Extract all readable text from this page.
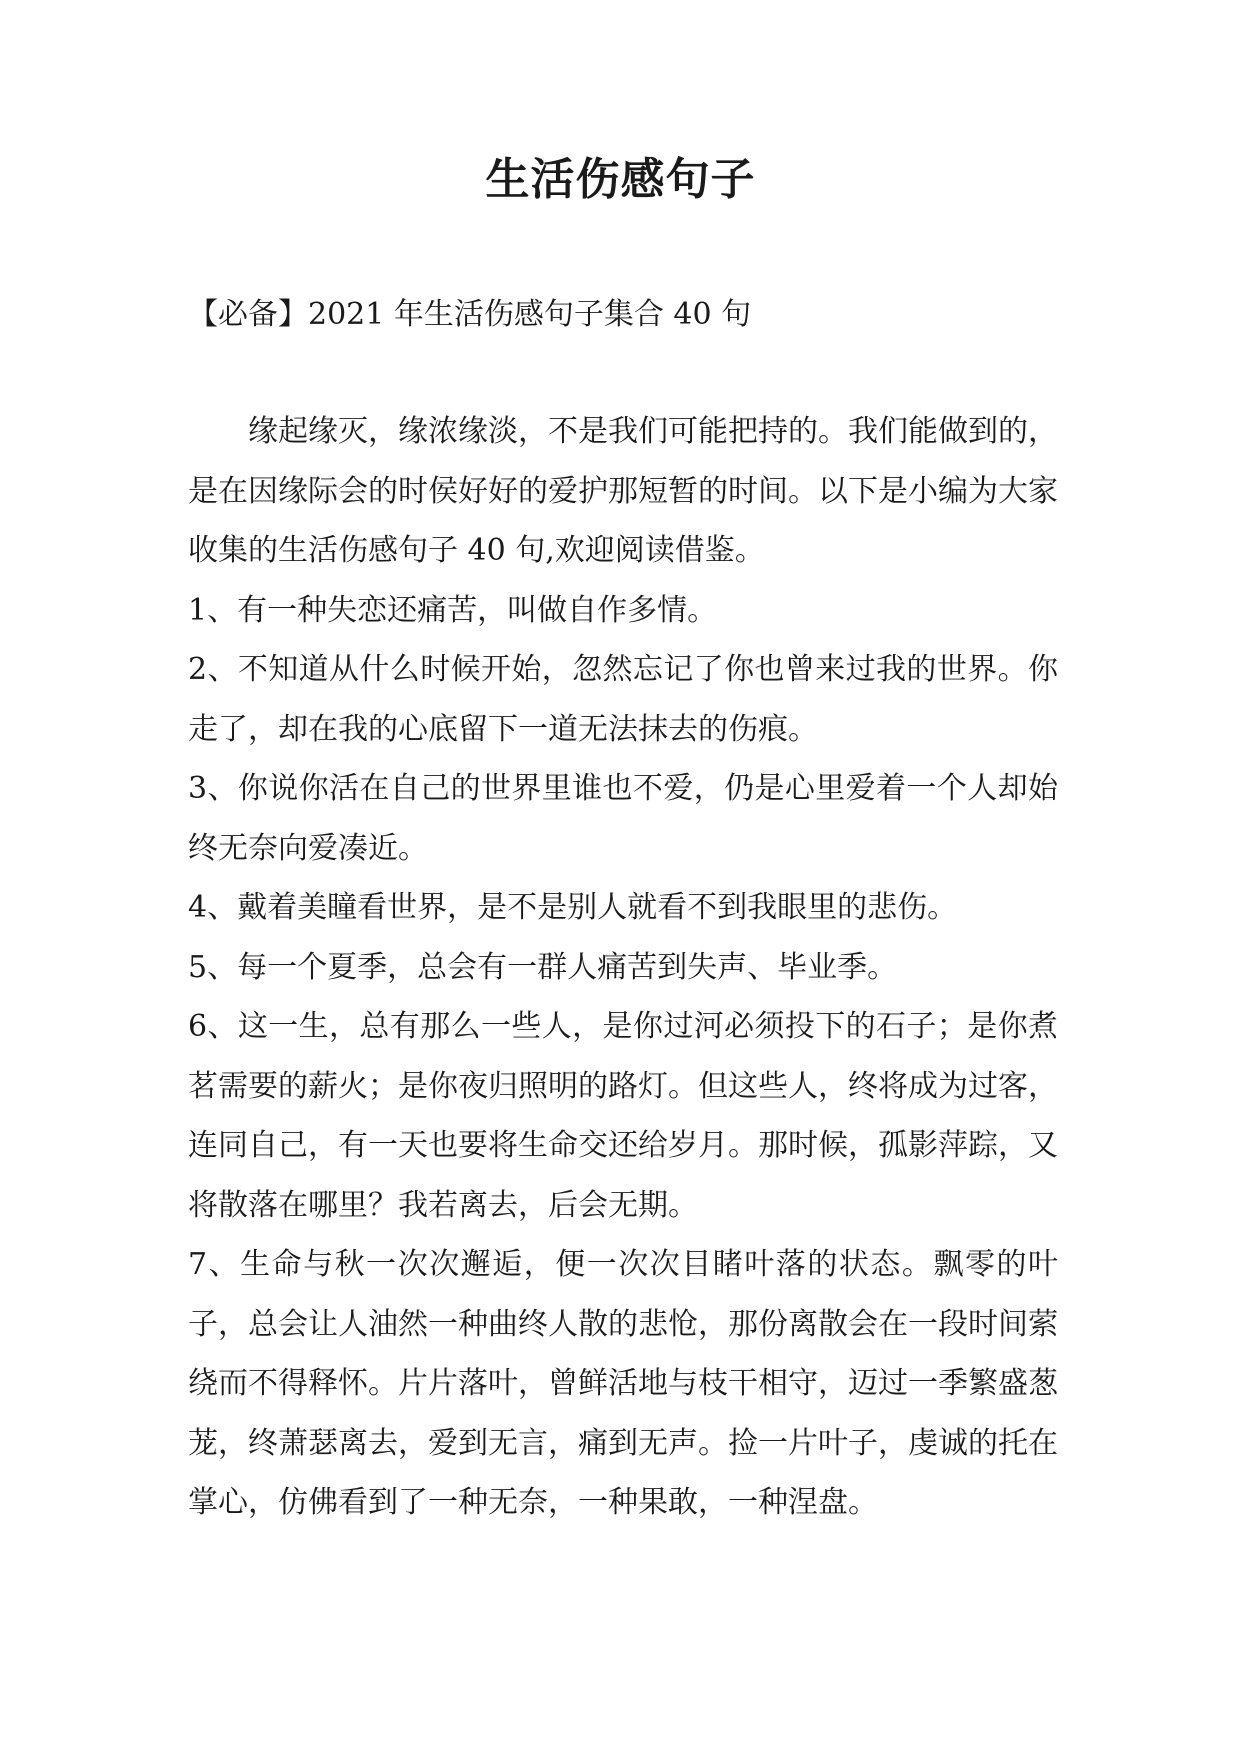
生活伤感句子

【必备】2021 年生活伤感句子集合 40 句

缘起缘灭，缘浓缘淡，不是我们可能把持的。我们能做到的，是在因缘际会的时侯好好的爱护那短暂的时间。以下是小编为大家收集的生活伤感句子 40 句,欢迎阅读借鉴。

1、有一种失恋还痛苦，叫做自作多情。

2、不知道从什么时候开始，忽然忘记了你也曾来过我的世界。你走了，却在我的心底留下一道无法抹去的伤痕。

3、你说你活在自己的世界里谁也不爱，仍是心里爱着一个人却始终无奈向爱凑近。

4、戴着美瞳看世界，是不是别人就看不到我眼里的悲伤。

5、每一个夏季，总会有一群人痛苦到失声、毕业季。

6、这一生，总有那么一些人，是你过河必须投下的石子；是你煮茗需要的薪火；是你夜归照明的路灯。但这些人，终将成为过客，连同自己，有一天也要将生命交还给岁月。那时候，孤影萍踪，又将散落在哪里？我若离去，后会无期。

7、生命与秋一次次邂逅，便一次次目睹叶落的状态。飘零的叶子，总会让人油然一种曲终人散的悲怆，那份离散会在一段时间萦绕而不得释怀。片片落叶，曾鲜活地与枝干相守，迈过一季繁盛葱茏，终萧瑟离去，爱到无言，痛到无声。捡一片叶子，虔诚的托在掌心，仿佛看到了一种无奈，一种果敢，一种涅盘。
